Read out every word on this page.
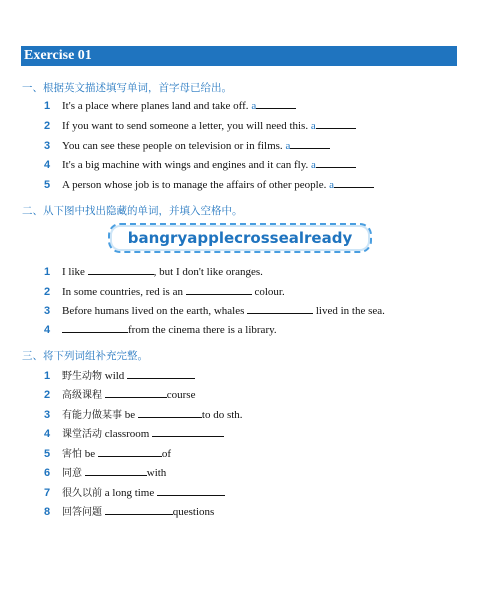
Exercise 01
一、根据英文描述填写单词，首字母已给出。
1 It's a place where planes land and take off. a
2 If you want to send someone a letter, you will need this. a
3 You can see these people on television or in films. a
4 It's a big machine with wings and engines and it can fly. a
5 A person whose job is to manage the affairs of other people. a
二、从下图中找出隐藏的单词，并填入空格中。
bangryapplecrossealready
1 I like	, but I don't like oranges.
2 In some countries, red is an	colour.
3 Before humans lived on the earth, whales	lived in the sea.
4	from the cinema there is a library.
三、将下列词组补充完整。
1 野生动物 wild
2 高级课程	course
3 有能力做某事 be	to do sth.
4 课堂活动 classroom
5 害怕 be	of
6 同意	with
7 很久以前 a long time
8 回答问题	questions
